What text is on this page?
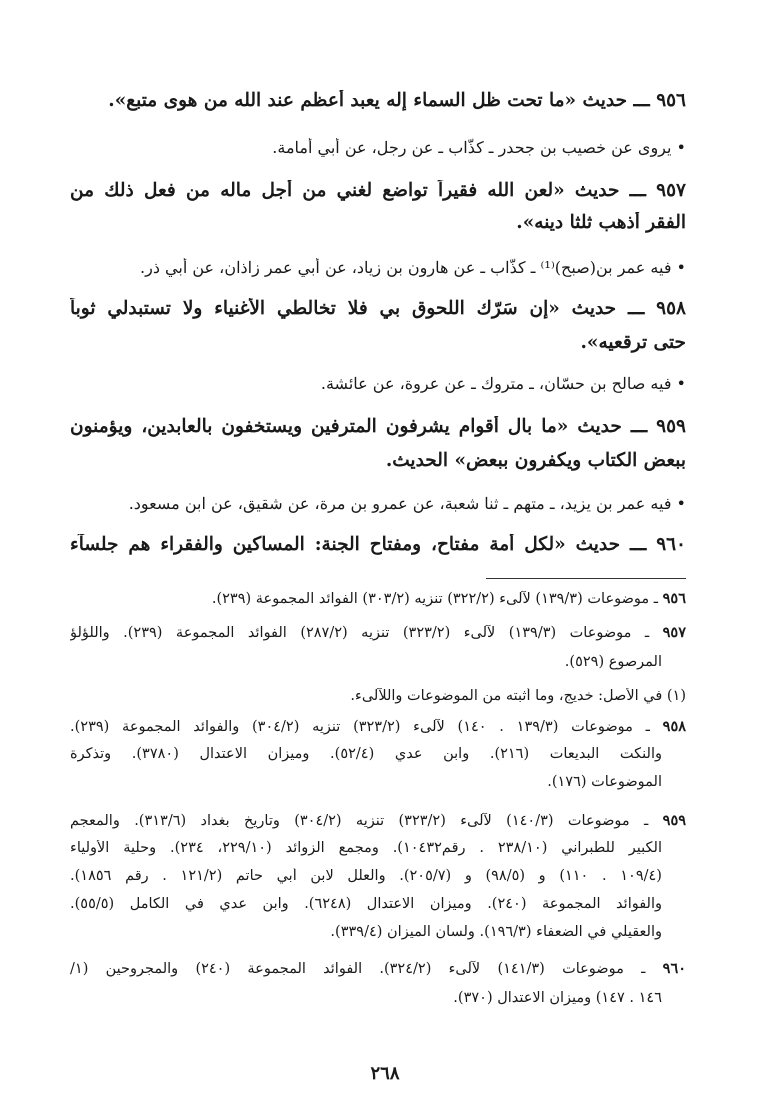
٩٥٦ ـــ حديث «ما تحت ظل السماء إله يعبد أعظم عند الله من هوى متبع».
• يروى عن خصيب بن جحدر ـ كذّاب ـ عن رجل، عن أبي أُمامة.
٩٥٧ ـــ حديث «لعن الله فقيراً تواضع لغني من أجل ماله من فعل ذلك من
الفقر أذهب ثلثا دينه».
• فيه عمر بن(صبح)⁽¹⁾ ـ كذّاب ـ عن هارون بن زياد، عن أبي عمر زاذان، عن أبي ذر.
٩٥٨ ـــ حديث «إن سَرّك اللحوق بي فلا تخالطي الأغنياء ولا تستبدلي ثوباً
حتى ترقعيه».
• فيه صالح بن حسّان، ـ متروك ـ عن عروة، عن عائشة.
٩٥٩ ـــ حديث «ما بال أقوام يشرفون المترفين ويستخفون بالعابدين، ويؤمنون
ببعض الكتاب ويكفرون ببعض» الحديث.
• فيه عمر بن يزيد، ـ متهم ـ ثنا شعبة، عن عمرو بن مرة، عن شقيق، عن ابن مسعود.
٩٦٠ ـــ حديث «لكل أمة مفتاح، ومفتاح الجنة: المساكين والفقراء هم جلسآء
٩٥٦ ـ موضوعات (١٣٩/٣) لآلىء (٣٢٢/٢) تنزيه (٣٠٣/٢) الفوائد المجموعة (٢٣٩).
٩٥٧ ـ موضوعات (١٣٩/٣) لآلىء (٣٢٣/٢) تنزيه (٢٨٧/٢) الفوائد المجموعة (٢٣٩). واللؤلؤ
المرصوع (٥٢٩).
(١) في الأصل: خديج، وما أثبته من الموضوعات واللآلىء.
٩٥٨ ـ موضوعات (١٣٩/٣ . ١٤٠) لآلىء (٣٢٣/٢) تنزيه (٣٠٤/٢) والفوائد المجموعة (٢٣٩).
والنكت البديعات (٢١٦). وابن عدي (٥٢/٤). وميزان الاعتدال (٣٧٨٠). وتذكرة
الموضوعات (١٧٦).
٩٥٩ ـ موضوعات (١٤٠/٣) لآلىء (٣٢٣/٢) تنزيه (٣٠٤/٢) وتاريخ بغداد (٣١٣/٦). والمعجم
الكبير للطبراني (٢٣٨/١٠ . رقم١٠٤٣٢). ومجمع الزوائد (٢٢٩/١٠، ٢٣٤). وحلية الأولياء
(١٠٩/٤ . ١١٠) و (٩٨/٥) و (٢٠٥/٧). والعلل لابن أبي حاتم (١٢١/٢ . رقم ١٨٥٦).
والفوائد المجموعة (٢٤٠). وميزان الاعتدال (٦٢٤٨). وابن عدي في الكامل (٥٥/٥).
والعقيلي في الضعفاء (١٩٦/٣). ولسان الميزان (٣٣٩/٤).
٩٦٠ ـ موضوعات (١٤١/٣) لآلىء (٣٢٤/٢). الفوائد المجموعة (٢٤٠) والمجروحين (١/
١٤٦ . ١٤٧) وميزان الاعتدال (٣٧٠).
٢٦٨
